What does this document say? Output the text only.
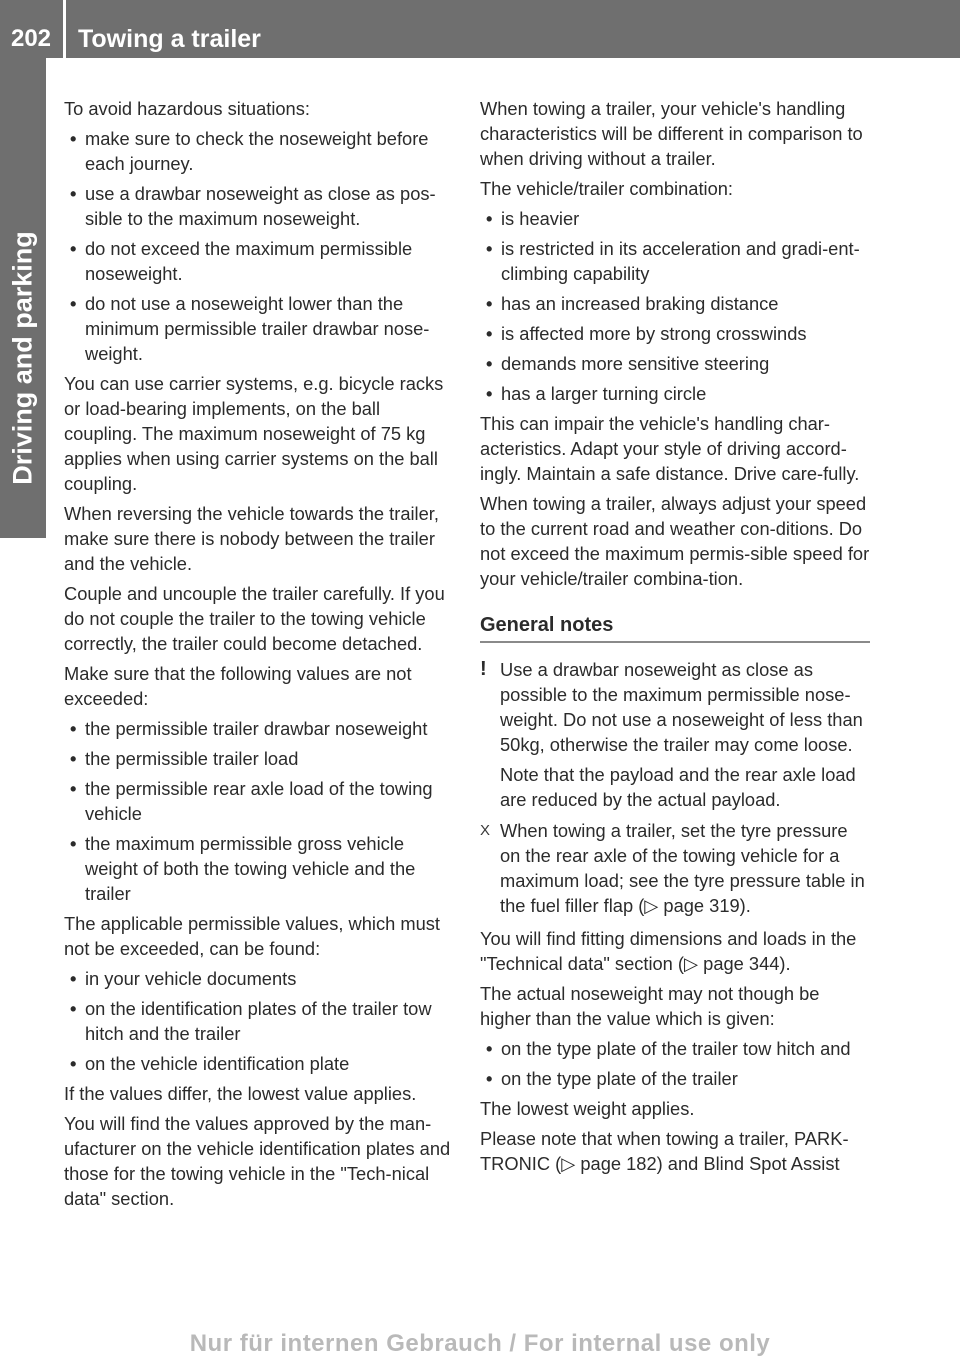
202	Towing a trailer
Driving and parking

To avoid hazardous situations:

• make sure to check the noseweight before each journey.
• use a drawbar noseweight as close as pos-sible to the maximum noseweight.
• do not exceed the maximum permissible noseweight.
• do not use a noseweight lower than the minimum permissible trailer drawbar nose-weight.

You can use carrier systems, e.g. bicycle racks or load-bearing implements, on the ball coupling. The maximum noseweight of 75 kg applies when using carrier systems on the ball coupling.

When reversing the vehicle towards the trailer, make sure there is nobody between the trailer and the vehicle.

Couple and uncouple the trailer carefully. If you do not couple the trailer to the towing vehicle correctly, the trailer could become detached.

Make sure that the following values are not exceeded:

• the permissible trailer drawbar noseweight
• the permissible trailer load
• the permissible rear axle load of the towing vehicle
• the maximum permissible gross vehicle weight of both the towing vehicle and the trailer

The applicable permissible values, which must not be exceeded, can be found:

• in your vehicle documents
• on the identification plates of the trailer tow hitch and the trailer
• on the vehicle identification plate

If the values differ, the lowest value applies.

You will find the values approved by the man-ufacturer on the vehicle identification plates and those for the towing vehicle in the "Tech-nical data" section.

When towing a trailer, your vehicle's handling characteristics will be different in comparison to when driving without a trailer.

The vehicle/trailer combination:

• is heavier
• is restricted in its acceleration and gradi-ent-climbing capability
• has an increased braking distance
• is affected more by strong crosswinds
• demands more sensitive steering
• has a larger turning circle

This can impair the vehicle's handling char-acteristics. Adapt your style of driving accord-ingly. Maintain a safe distance. Drive care-fully.

When towing a trailer, always adjust your speed to the current road and weather con-ditions. Do not exceed the maximum permis-sible speed for your vehicle/trailer combina-tion.

General notes
! Use a drawbar noseweight as close as possible to the maximum permissible nose-weight. Do not use a noseweight of less than 50kg, otherwise the trailer may come loose.

Note that the payload and the rear axle load are reduced by the actual payload.

X When towing a trailer, set the tyre pressure on the rear axle of the towing vehicle for a maximum load; see the tyre pressure table in the fuel filler flap (▷ page 319).

You will find fitting dimensions and loads in the "Technical data" section (▷ page 344).

The actual noseweight may not though be higher than the value which is given:

• on the type plate of the trailer tow hitch and
• on the type plate of the trailer

The lowest weight applies.

Please note that when towing a trailer, PARK-TRONIC (▷ page 182) and Blind Spot Assist

Nur für internen Gebrauch / For internal use only
